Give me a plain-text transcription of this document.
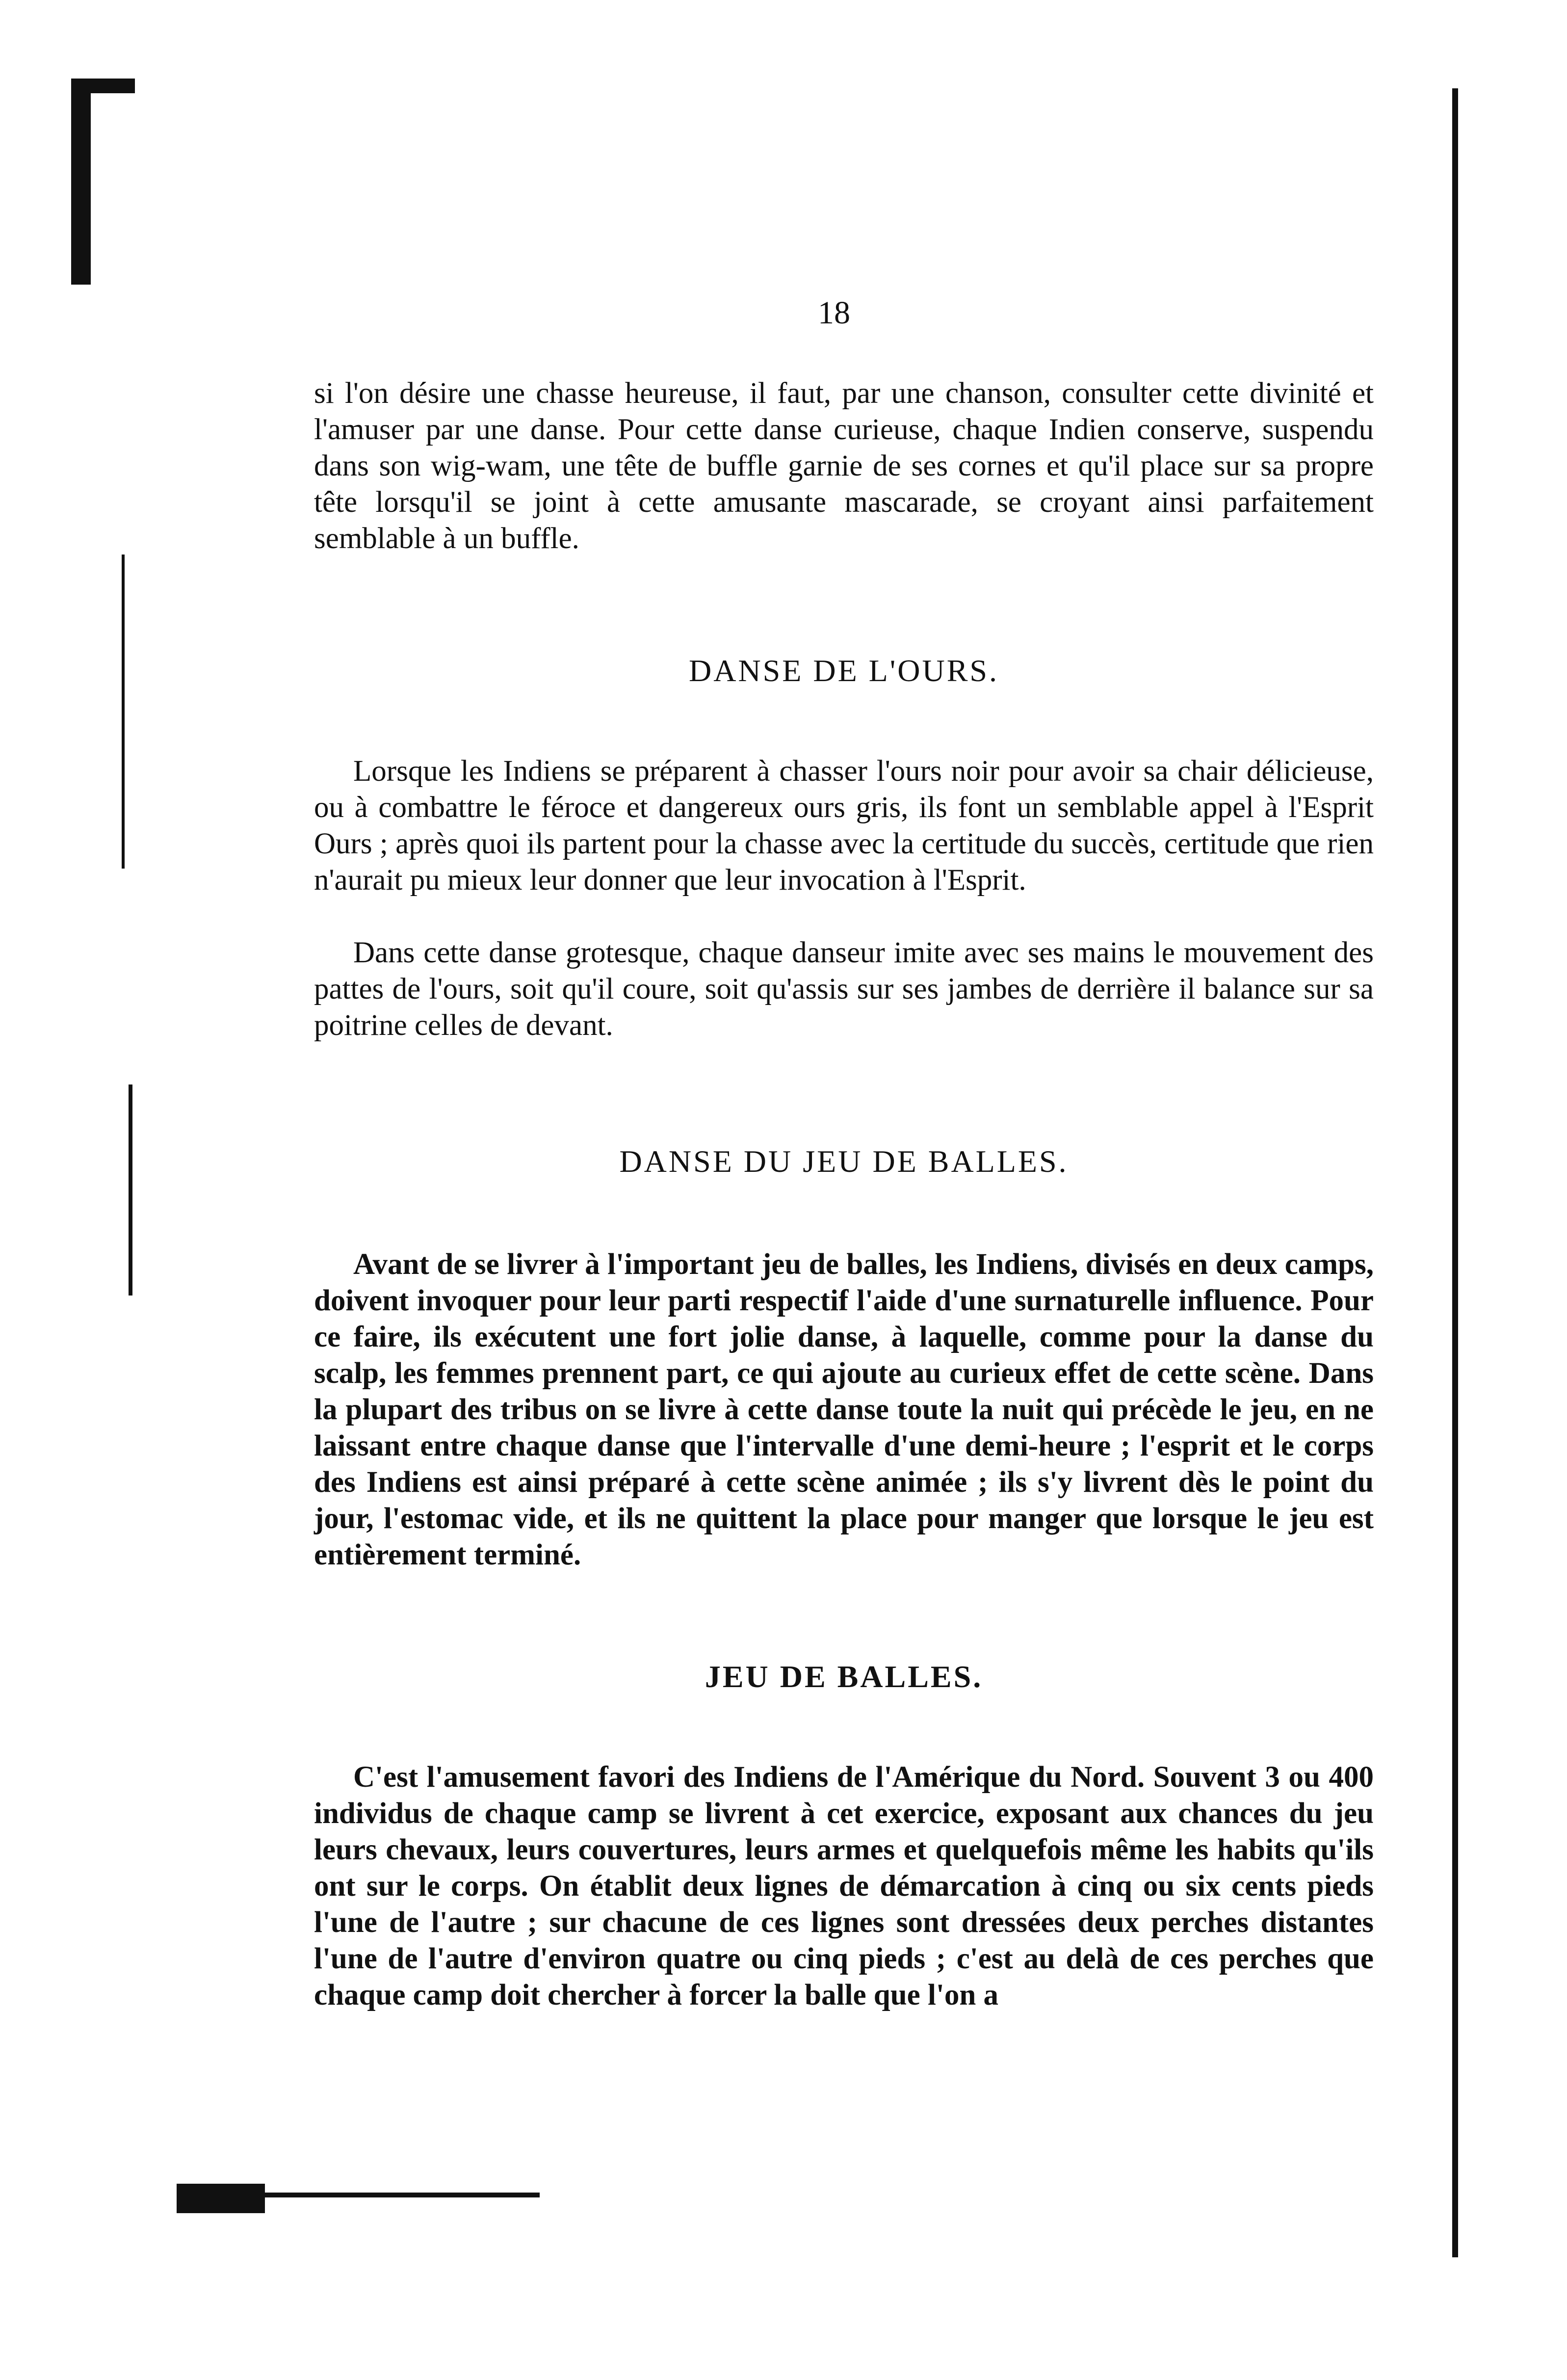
18

si l'on désire une chasse heureuse, il faut, par une chanson, consulter cette divinité et l'amuser par une danse. Pour cette danse curieuse, chaque Indien conserve, suspendu dans son wig-wam, une tête de buffle garnie de ses cornes et qu'il place sur sa propre tête lorsqu'il se joint à cette amusante mascarade, se croyant ainsi parfaitement semblable à un buffle.

DANSE DE L'OURS.

Lorsque les Indiens se préparent à chasser l'ours noir pour avoir sa chair délicieuse, ou à combattre le féroce et dangereux ours gris, ils font un semblable appel à l'Esprit Ours ; après quoi ils partent pour la chasse avec la certitude du succès, certitude que rien n'aurait pu mieux leur donner que leur invocation à l'Esprit.

Dans cette danse grotesque, chaque danseur imite avec ses mains le mouvement des pattes de l'ours, soit qu'il coure, soit qu'assis sur ses jambes de derrière il balance sur sa poitrine celles de devant.

DANSE DU JEU DE BALLES.

Avant de se livrer à l'important jeu de balles, les Indiens, divisés en deux camps, doivent invoquer pour leur parti respectif l'aide d'une surnaturelle influence. Pour ce faire, ils exécutent une fort jolie danse, à laquelle, comme pour la danse du scalp, les femmes prennent part, ce qui ajoute au curieux effet de cette scène. Dans la plupart des tribus on se livre à cette danse toute la nuit qui précède le jeu, en ne laissant entre chaque danse que l'intervalle d'une demi-heure ; l'esprit et le corps des Indiens est ainsi préparé à cette scène animée ; ils s'y livrent dès le point du jour, l'estomac vide, et ils ne quittent la place pour manger que lorsque le jeu est entièrement terminé.

JEU DE BALLES.

C'est l'amusement favori des Indiens de l'Amérique du Nord. Souvent 3 ou 400 individus de chaque camp se livrent à cet exercice, exposant aux chances du jeu leurs chevaux, leurs couvertures, leurs armes et quelquefois même les habits qu'ils ont sur le corps. On établit deux lignes de démarcation à cinq ou six cents pieds l'une de l'autre ; sur chacune de ces lignes sont dressées deux perches distantes l'une de l'autre d'environ quatre ou cinq pieds ; c'est au delà de ces perches que chaque camp doit chercher à forcer la balle que l'on a
